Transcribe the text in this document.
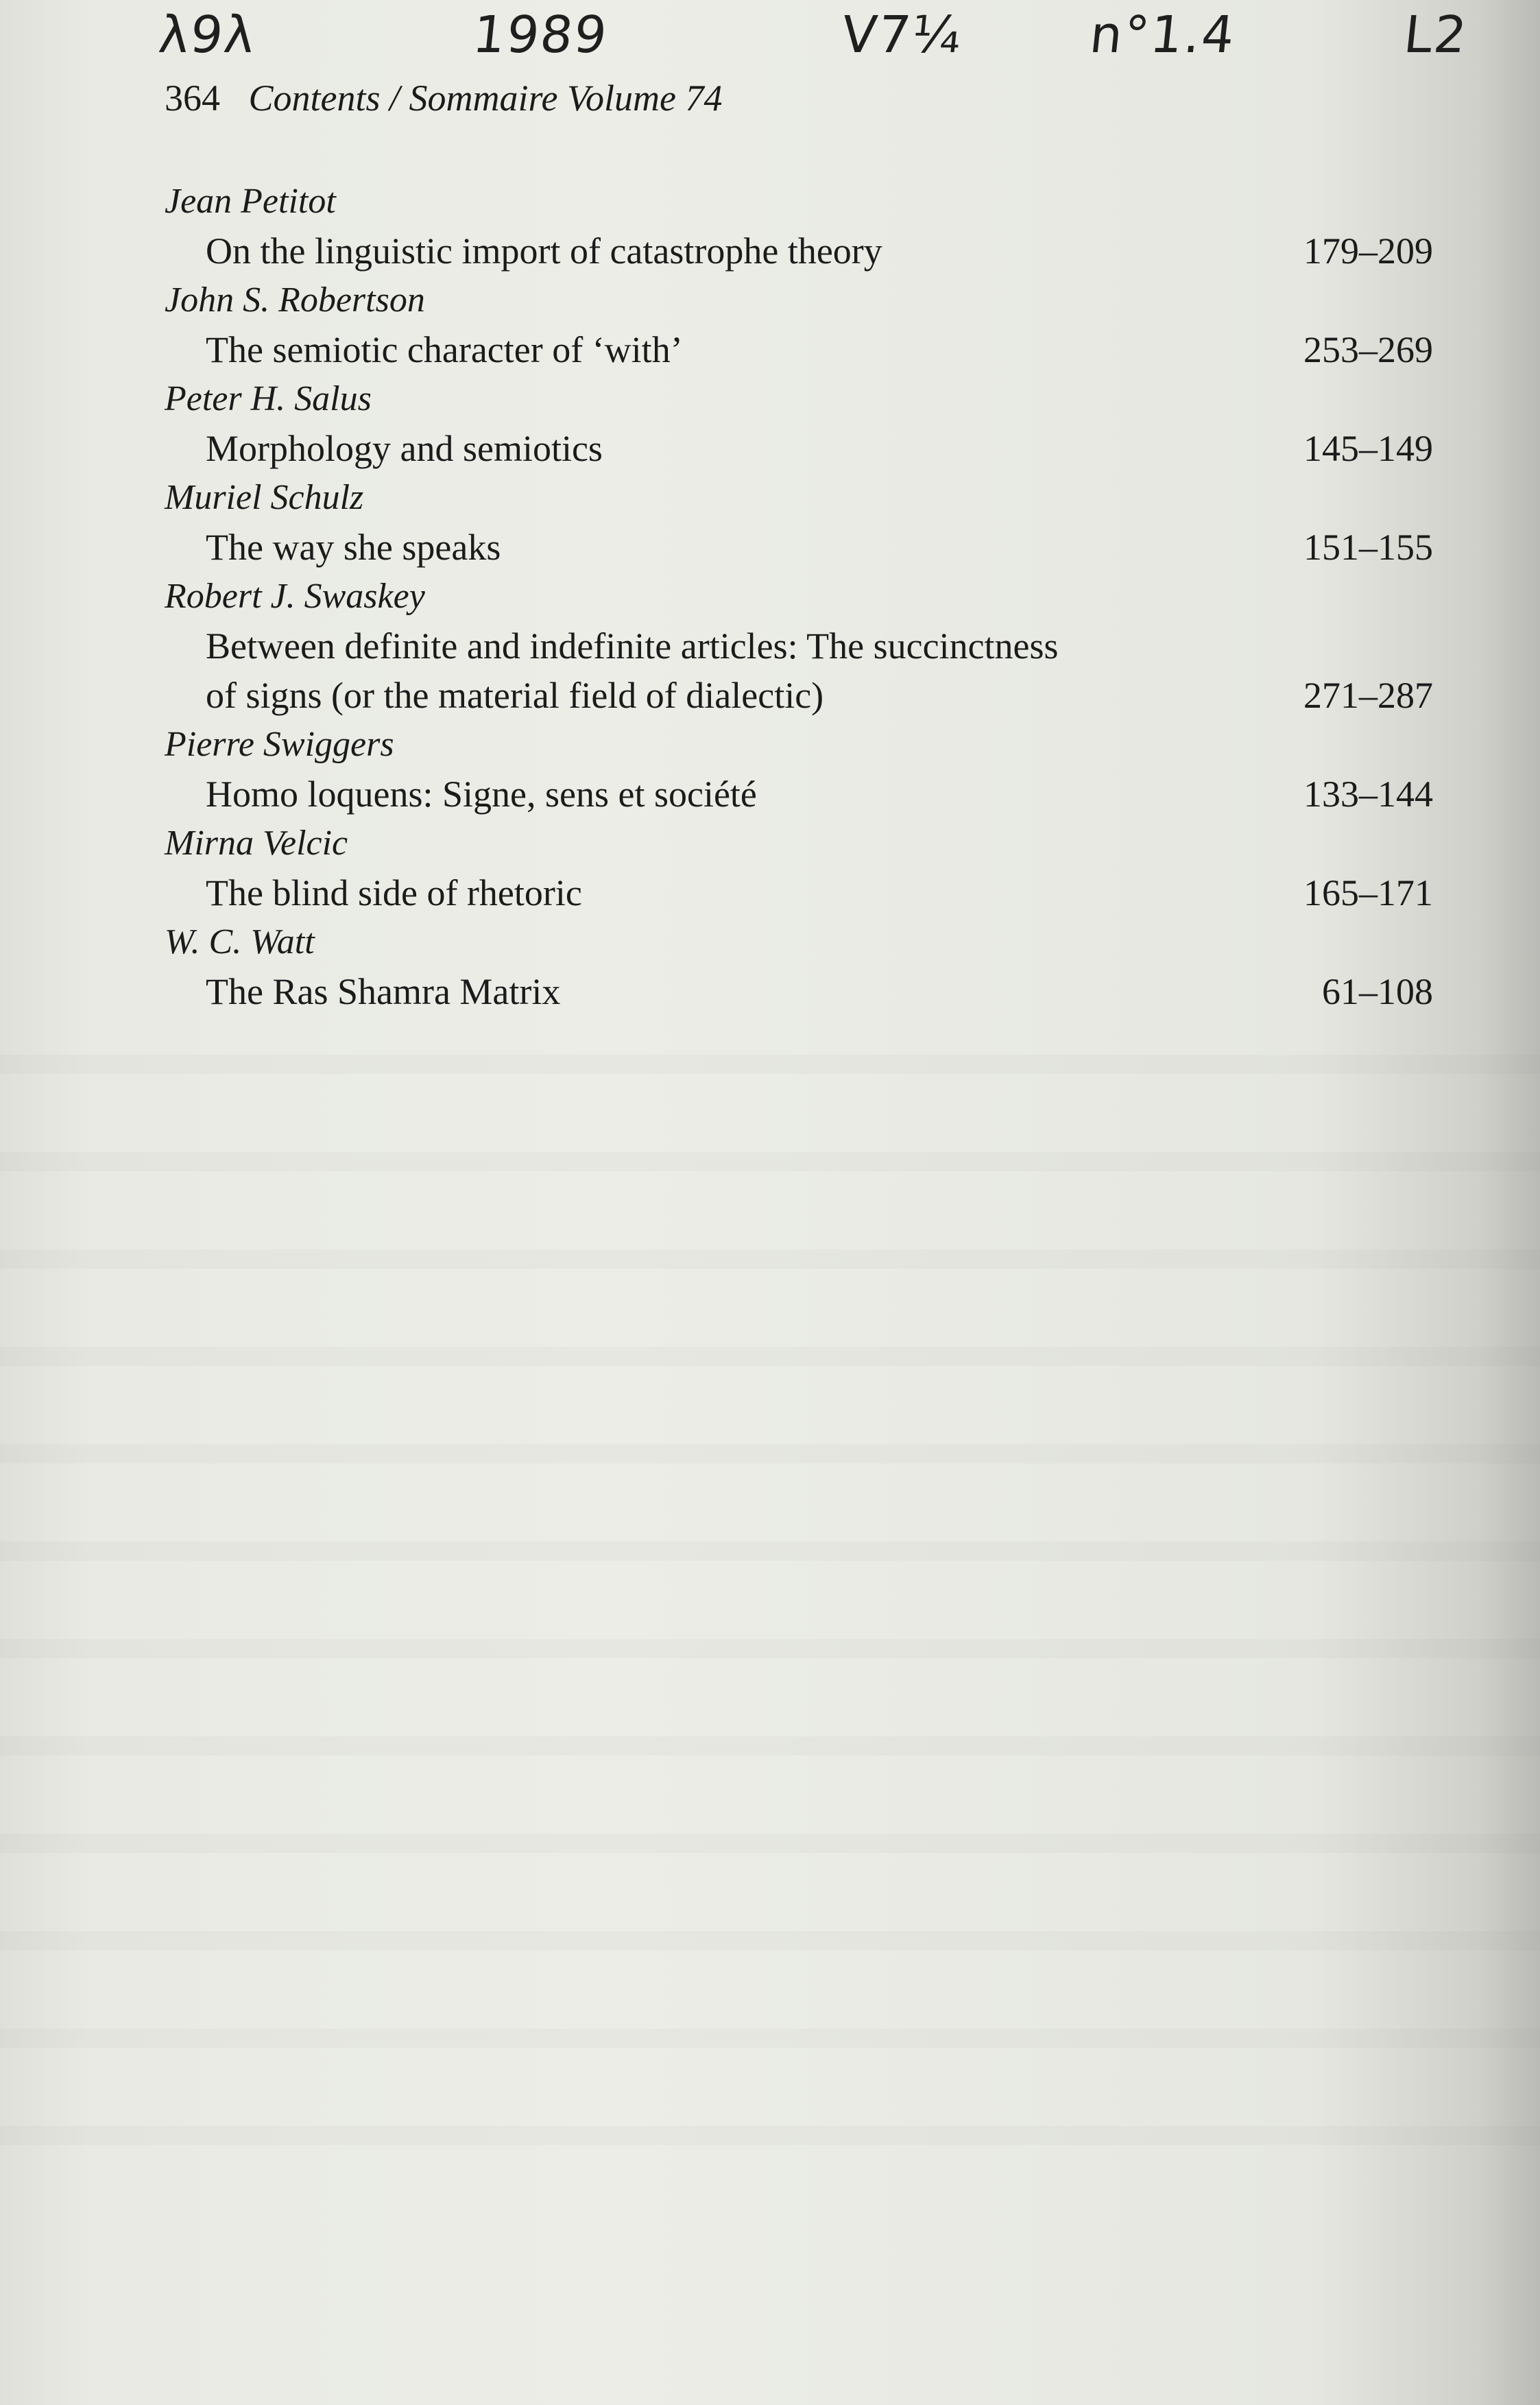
λ9λ	1989	V7¼ n°1.4	L2
364 Contents / Sommaire Volume 74
Jean Petitot
On the linguistic import of catastrophe theory	179–209
John S. Robertson
The semiotic character of ‘with’	253–269
Peter H. Salus
Morphology and semiotics	145–149
Muriel Schulz
The way she speaks	151–155
Robert J. Swaskey
Between definite and indefinite articles: The succinctness
of signs (or the material field of dialectic)	271–287
Pierre Swiggers
Homo loquens: Signe, sens et société	133–144
Mirna Velcic
The blind side of rhetoric	165–171
W. C. Watt
The Ras Shamra Matrix	61–108
